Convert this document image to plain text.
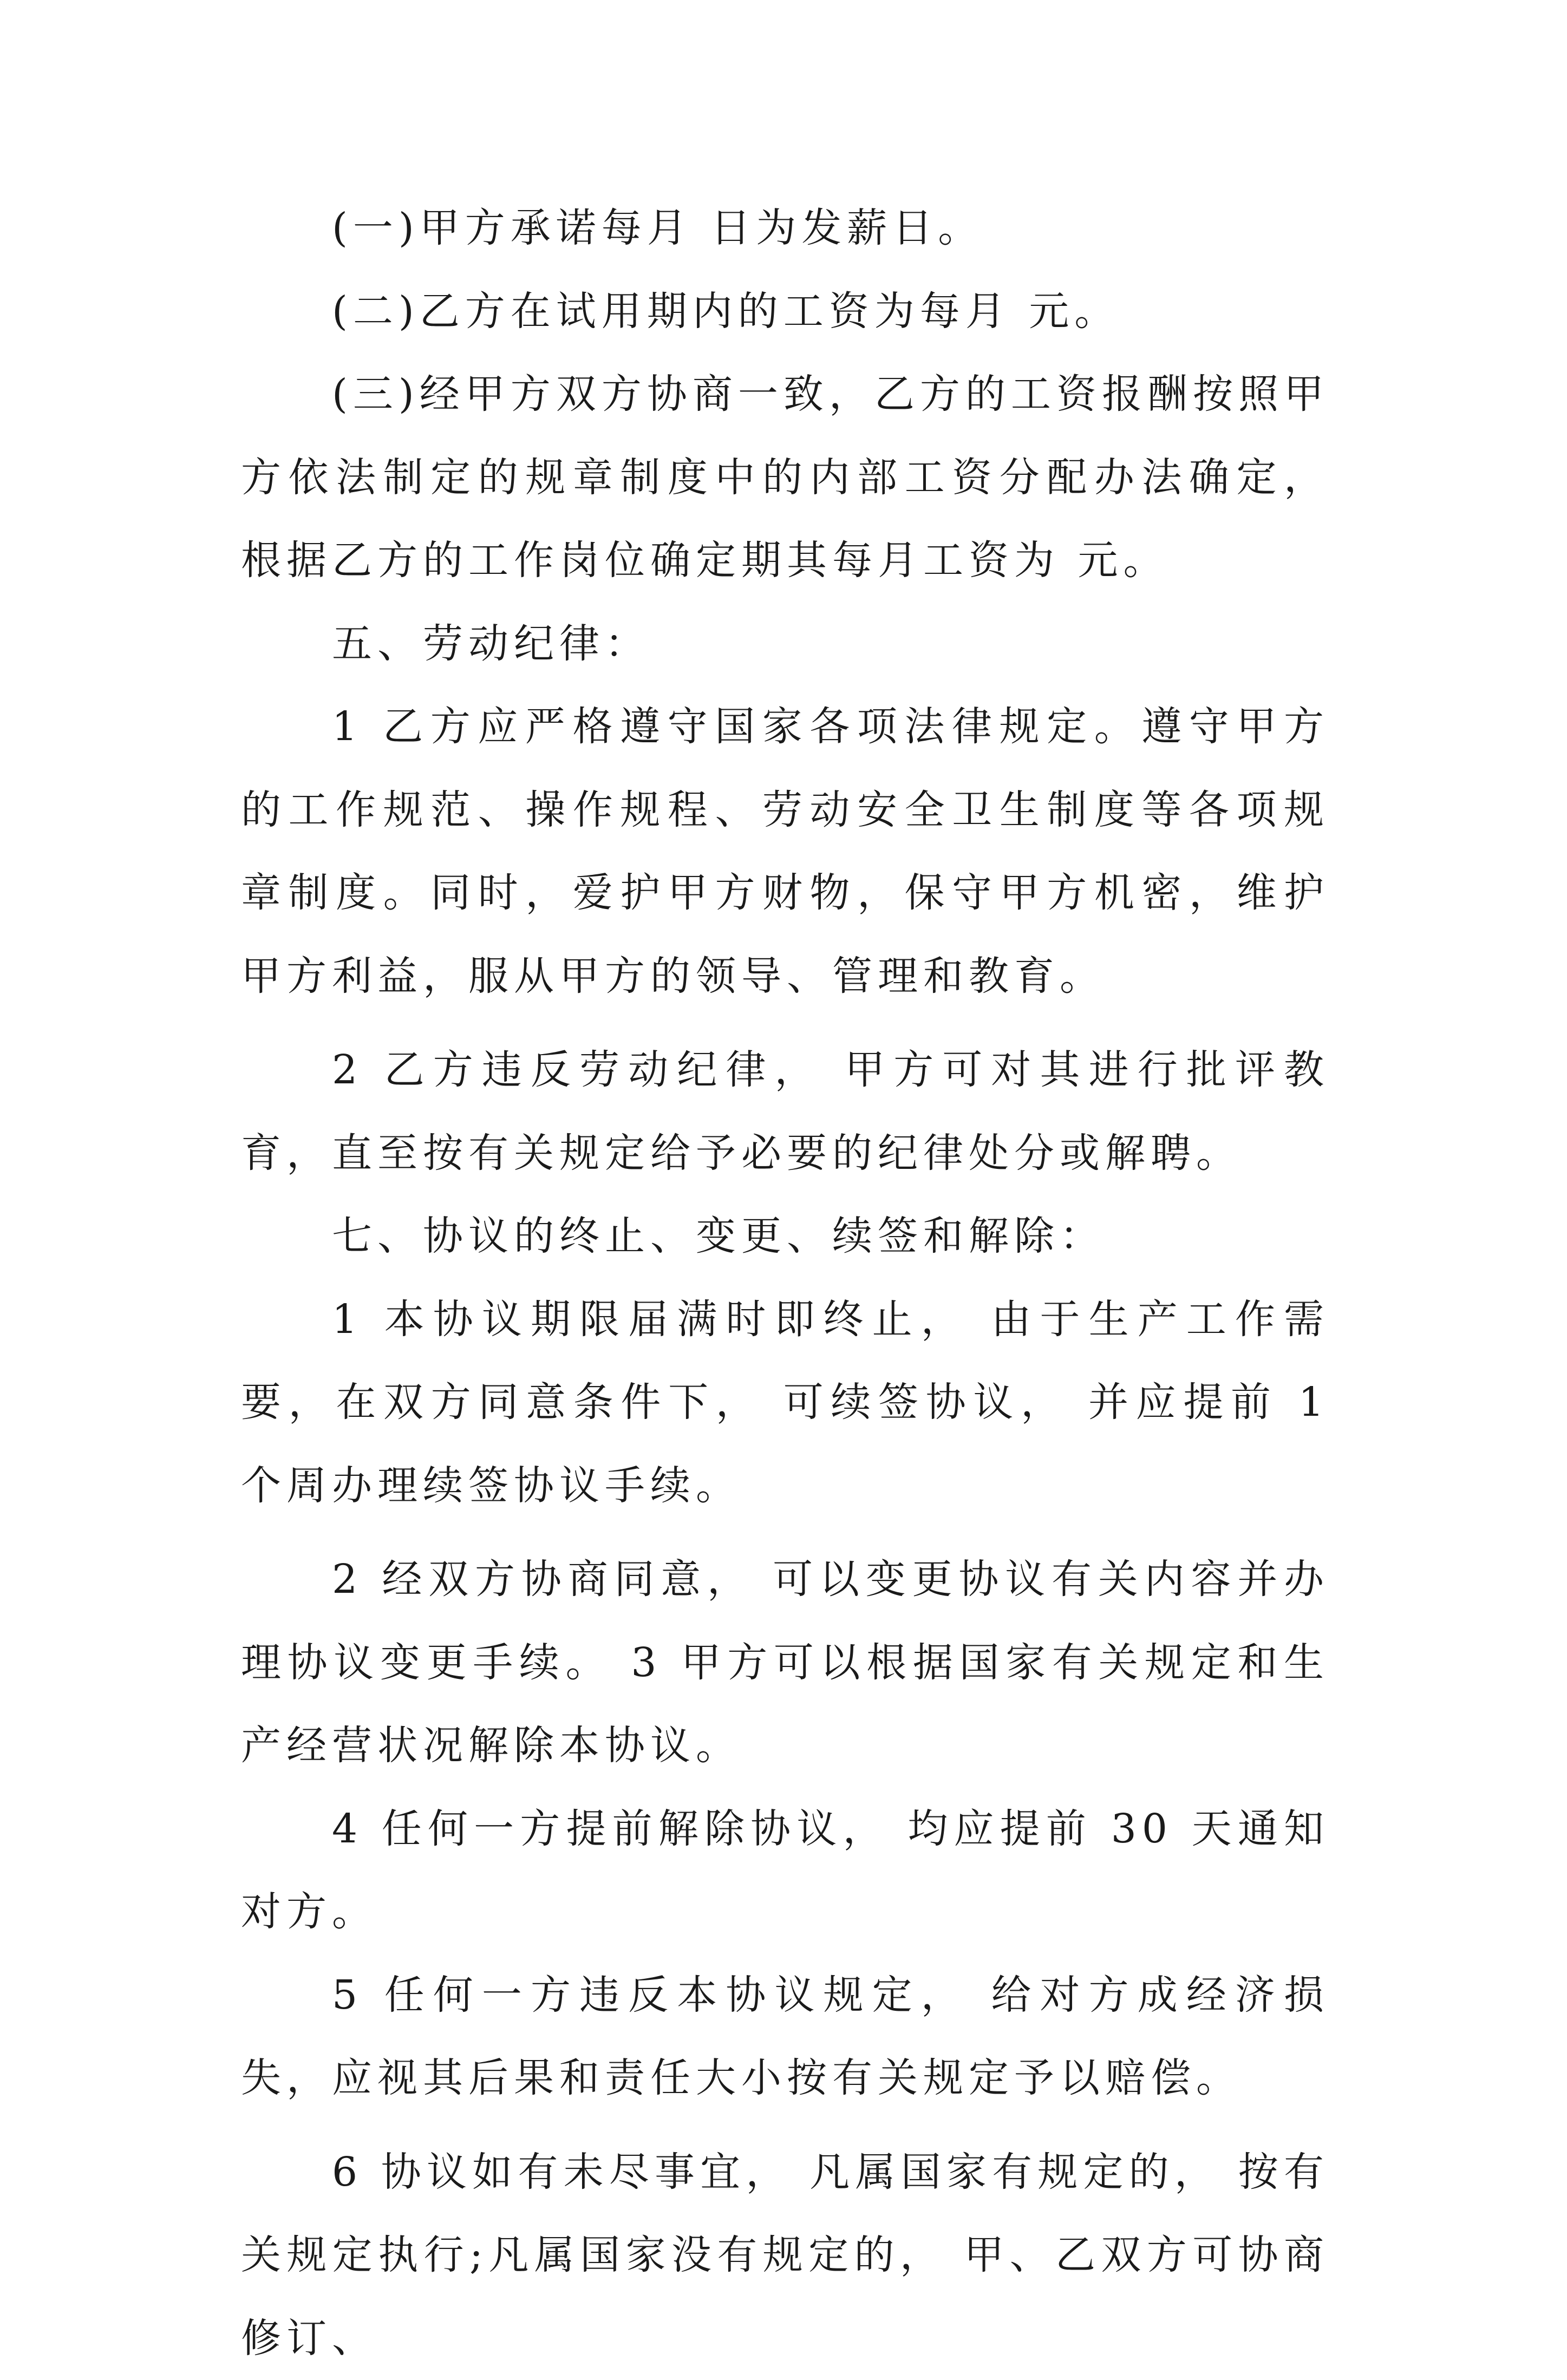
(一)甲方承诺每月 日为发薪日。

(二)乙方在试用期内的工资为每月 元。

(三)经甲方双方协商一致，乙方的工资报酬按照甲方依法制定的规章制度中的内部工资分配办法确定，根据乙方的工作岗位确定期其每月工资为 元。

五、劳动纪律：

1 乙方应严格遵守国家各项法律规定。遵守甲方的工作规范、操作规程、劳动安全卫生制度等各项规章制度。同时，爱护甲方财物，保守甲方机密，维护甲方利益，服从甲方的领导、管理和教育。

2 乙方违反劳动纪律， 甲方可对其进行批评教育，直至按有关规定给予必要的纪律处分或解聘。

七、协议的终止、变更、续签和解除：

1 本协议期限届满时即终止， 由于生产工作需要，在双方同意条件下， 可续签协议， 并应提前 1 个周办理续签协议手续。

2 经双方协商同意， 可以变更协议有关内容并办理协议变更手续。 3 甲方可以根据国家有关规定和生产经营状况解除本协议。

4 任何一方提前解除协议， 均应提前 30 天通知对方。

5 任何一方违反本协议规定， 给对方成经济损失，应视其后果和责任大小按有关规定予以赔偿。

6 协议如有未尽事宜， 凡属国家有规定的， 按有关规定执行;凡属国家没有规定的， 甲、乙双方可协商修订、
